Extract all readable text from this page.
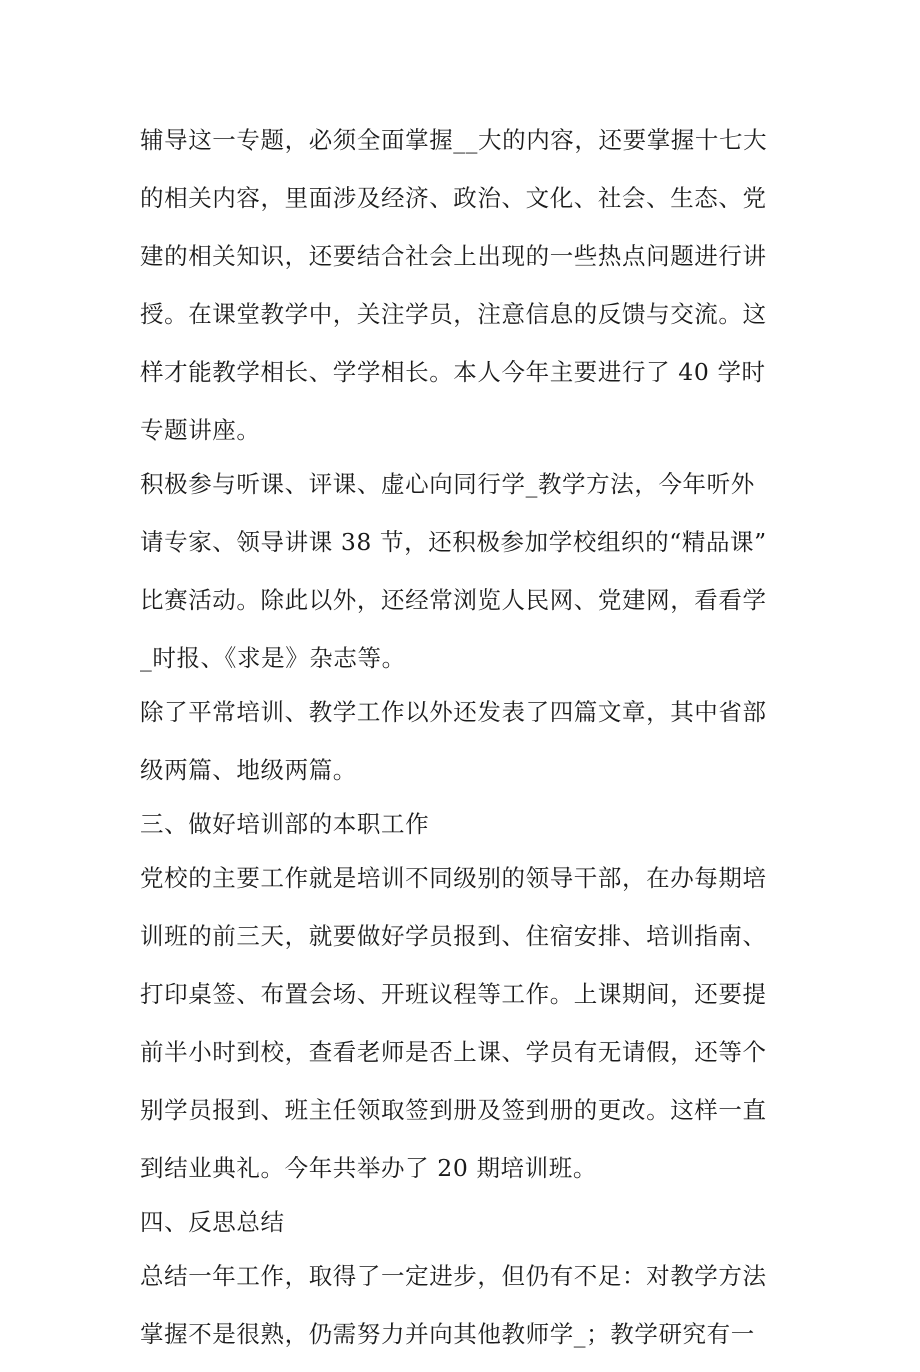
辅导这一专题，必须全面掌握__大的内容，还要掌握十七大
的相关内容，里面涉及经济、政治、文化、社会、生态、党
建的相关知识，还要结合社会上出现的一些热点问题进行讲
授。在课堂教学中，关注学员，注意信息的反馈与交流。这
样才能教学相长、学学相长。本人今年主要进行了 40 学时
专题讲座。
积极参与听课、评课、虚心向同行学_教学方法，今年听外
请专家、领导讲课 38 节，还积极参加学校组织的“精品课”
比赛活动。除此以外，还经常浏览人民网、党建网，看看学
_时报、《求是》杂志等。
除了平常培训、教学工作以外还发表了四篇文章，其中省部
级两篇、地级两篇。
三、做好培训部的本职工作
党校的主要工作就是培训不同级别的领导干部，在办每期培
训班的前三天，就要做好学员报到、住宿安排、培训指南、
打印桌签、布置会场、开班议程等工作。上课期间，还要提
前半小时到校，查看老师是否上课、学员有无请假，还等个
别学员报到、班主任领取签到册及签到册的更改。这样一直
到结业典礼。今年共举办了 20 期培训班。
四、反思总结
总结一年工作，取得了一定进步，但仍有不足：对教学方法
掌握不是很熟，仍需努力并向其他教师学_；教学研究有一
